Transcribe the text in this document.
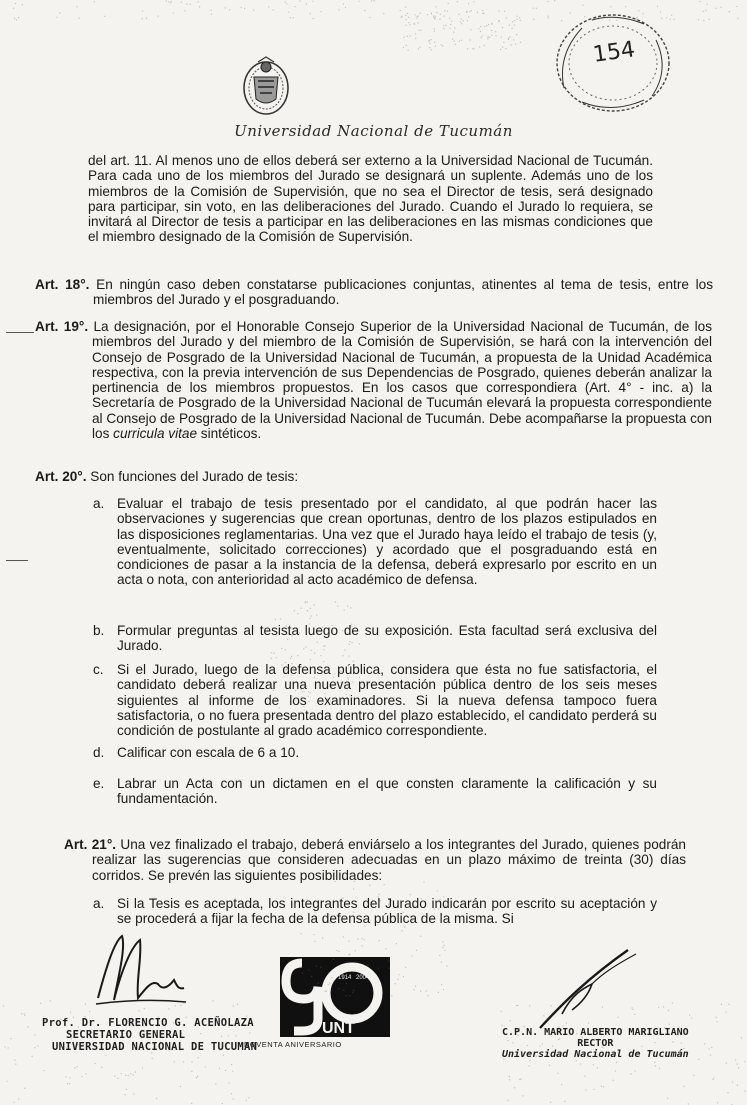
Universidad Nacional de Tucumán
154
del art. 11. Al menos uno de ellos deberá ser externo a la Universidad Nacional de Tucumán. Para cada uno de los miembros del Jurado se designará un suplente. Además uno de los miembros de la Comisión de Supervisión, que no sea el Director de tesis, será designado para participar, sin voto, en las deliberaciones del Jurado. Cuando el Jurado lo requiera, se invitará al Director de tesis a participar en las deliberaciones en las mismas condiciones que el miembro designado de la Comisión de Supervisión.
Art. 18°. En ningún caso deben constatarse publicaciones conjuntas, atinentes al tema de tesis, entre los miembros del Jurado y el posgraduando.
Art. 19°. La designación, por el Honorable Consejo Superior de la Universidad Nacional de Tucumán, de los miembros del Jurado y del miembro de la Comisión de Supervisión, se hará con la intervención del Consejo de Posgrado de la Universidad Nacional de Tucumán, a propuesta de la Unidad Académica respectiva, con la previa intervención de sus Dependencias de Posgrado, quienes deberán analizar la pertinencia de los miembros propuestos. En los casos que correspondiera (Art. 4° - inc. a) la Secretaría de Posgrado de la Universidad Nacional de Tucumán elevará la propuesta correspondiente al Consejo de Posgrado de la Universidad Nacional de Tucumán. Debe acompañarse la propuesta con los curricula vitae sintéticos.
Art. 20°. Son funciones del Jurado de tesis:
a. Evaluar el trabajo de tesis presentado por el candidato, al que podrán hacer las observaciones y sugerencias que crean oportunas, dentro de los plazos estipulados en las disposiciones reglamentarias. Una vez que el Jurado haya leído el trabajo de tesis (y, eventualmente, solicitado correcciones) y acordado que el posgraduando está en condiciones de pasar a la instancia de la defensa, deberá expresarlo por escrito en un acta o nota, con anterioridad al acto académico de defensa.
b. Formular preguntas al tesista luego de su exposición. Esta facultad será exclusiva del Jurado.
c. Si el Jurado, luego de la defensa pública, considera que ésta no fue satisfactoria, el candidato deberá realizar una nueva presentación pública dentro de los seis meses siguientes al informe de los examinadores. Si la nueva defensa tampoco fuera satisfactoria, o no fuera presentada dentro del plazo establecido, el candidato perderá su condición de postulante al grado académico correspondiente.
d. Calificar con escala de 6 a 10.
e. Labrar un Acta con un dictamen en el que consten claramente la calificación y su fundamentación.
Art. 21°. Una vez finalizado el trabajo, deberá enviárselo a los integrantes del Jurado, quienes podrán realizar las sugerencias que consideren adecuadas en un plazo máximo de treinta (30) días corridos. Se prevén las siguientes posibilidades:
a. Si la Tesis es aceptada, los integrantes del Jurado indicarán por escrito su aceptación y se procederá a fijar la fecha de la defensa pública de la misma. Si
Prof. Dr. FLORENCIO G. ACEÑOLAZA
SECRETARIO GENERAL
UNIVERSIDAD NACIONAL DE TUCUMAN
UNT
1914 2004
NOVENTA ANIVERSARIO
C.P.N. MARIO ALBERTO MARIGLIANO
RECTOR
Universidad Nacional de Tucumán
